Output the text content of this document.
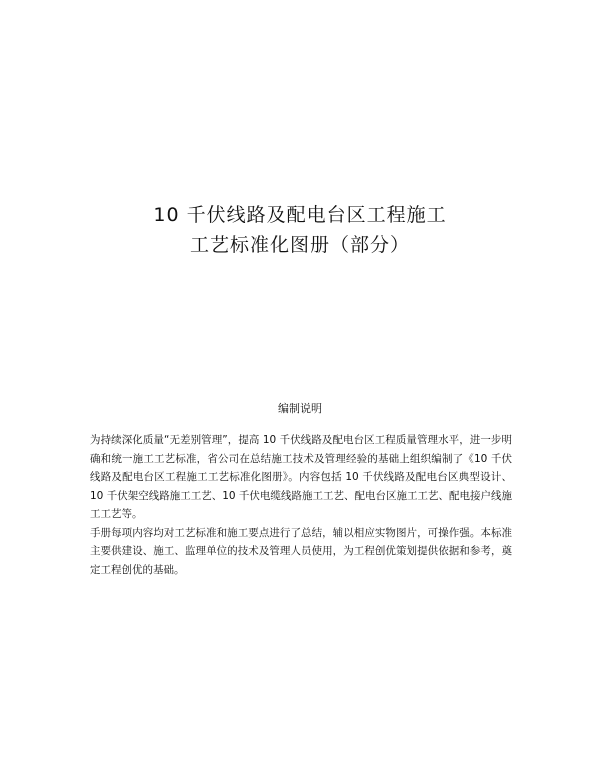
10 千伏线路及配电台区工程施工
工艺标准化图册（部分）
编制说明

为持续深化质量“无差别管理”，提高 10 千伏线路及配电台区工程质量管理水平，进一步明确和统一施工工艺标准，省公司在总结施工技术及管理经验的基础上组织编制了《10 千伏线路及配电台区工程施工工艺标准化图册》。内容包括 10 千伏线路及配电台区典型设计、10 千伏架空线路施工工艺、10 千伏电缆线路施工工艺、配电台区施工工艺、配电接户线施工工艺等。

手册每项内容均对工艺标准和施工要点进行了总结，辅以相应实物图片，可操作强。本标准主要供建设、施工、监理单位的技术及管理人员使用，为工程创优策划提供依据和参考，奠定工程创优的基础。
